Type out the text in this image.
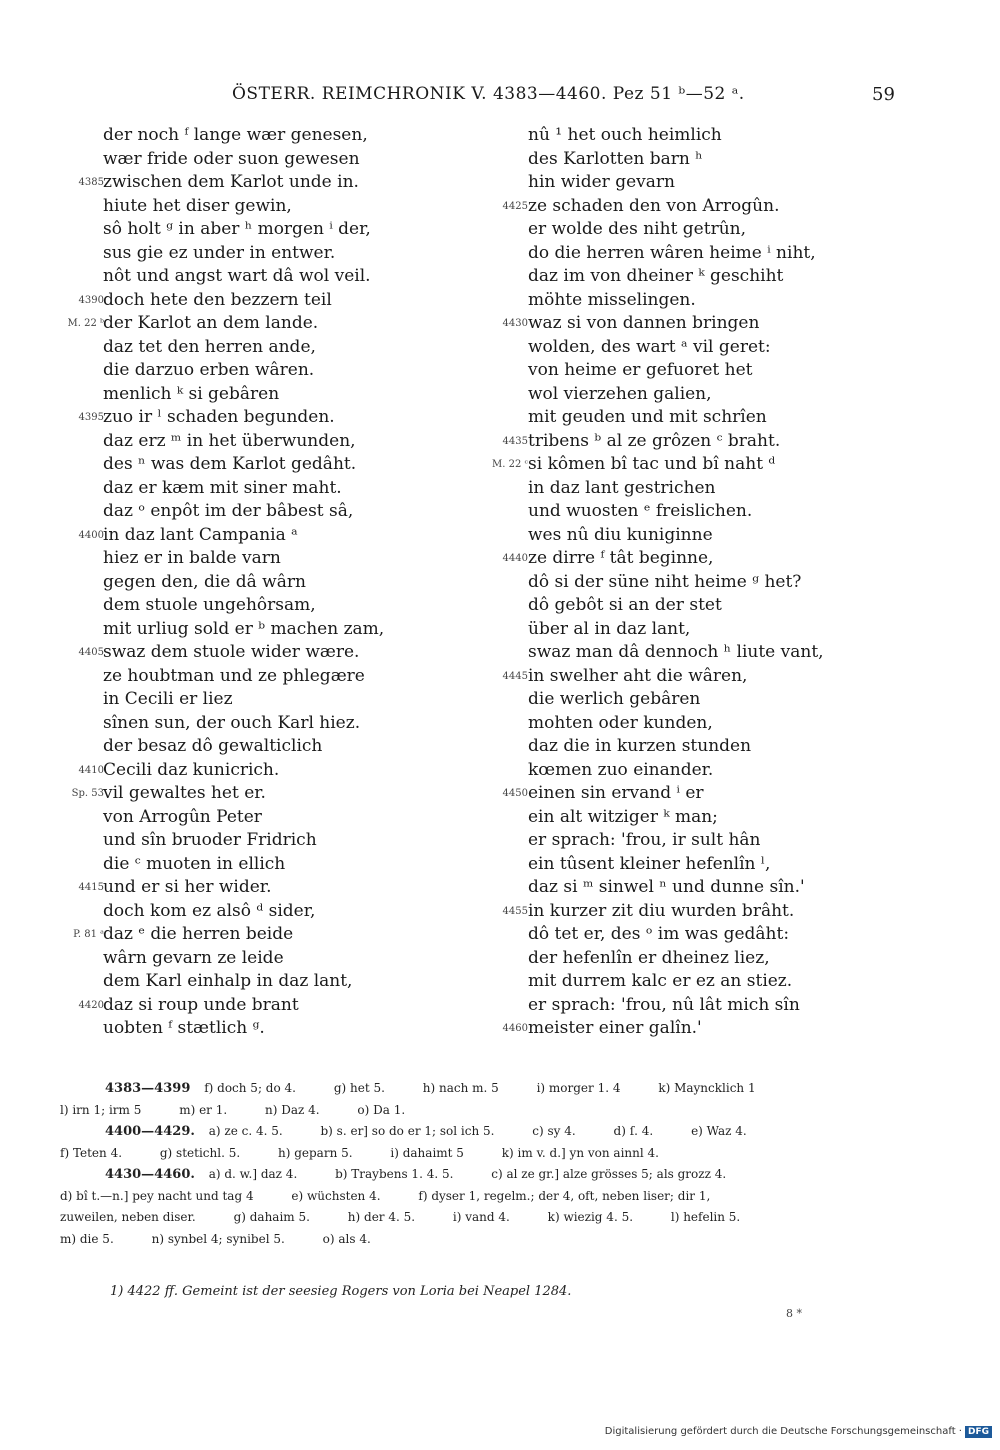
ÖSTERR. REIMCHRONIK V. 4383—4460. Pez 51 ᵇ—52 ᵃ.	59
der noch ᶠ lange wær genesen,
wær fride oder suon gewesen
4385 zwischen dem Karlot unde in.
hiute het diser gewin,
sô holt ᵍ in aber ʰ morgen ⁱ der,
sus gie ez under in entwer.
nôt und angst wart dâ wol veil.
4390 doch hete den bezzern teil
M. 22 ᵇ der Karlot an dem lande.
daz tet den herren ande,
die darzuo erben wâren.
menlich ᵏ si gebâren
4395 zuo ir ˡ schaden begunden.
daz erz ᵐ in het überwunden,
des ⁿ was dem Karlot gedâht.
daz er kæm mit siner maht.
daz ᵒ enpôt im der bâbest sâ,
4400 in daz lant Campania ᵃ
hiez er in balde varn
gegen den, die dâ wârn
dem stuole ungehôrsam,
mit urliug sold er ᵇ machen zam,
4405 swaz dem stuole wider wære.
ze houbtman und ze phlegære
in Cecili er liez
sînen sun, der ouch Karl hiez.
der besaz dô gewalticlich
4410 Cecili daz kunicrich.
Sp. 53 vil gewaltes het er.
von Arrogûn Peter
und sîn bruoder Fridrich
die ᶜ muoten in ellich
4415 und er si her wider.
doch kom ez alsô ᵈ sider,
P. 81 ᵃ daz ᵉ die herren beide
wârn gevarn ze leide
dem Karl einhalp in daz lant,
4420 daz si roup unde brant
uobten ᶠ stætlich ᵍ.
nû ¹ het ouch heimlich
des Karlotten barn ʰ
hin wider gevarn
4425 ze schaden den von Arrogûn.
er wolde des niht getrûn,
do die herren wâren heime ⁱ niht,
daz im von dheiner ᵏ geschiht
möhte misselingen.
4430 waz si von dannen bringen
wolden, des wart ᵃ vil geret:
von heime er gefuoret het
wol vierzehen galien,
mit geuden und mit schrîen
4435 tribens ᵇ al ze grôzen ᶜ braht.
M. 22 ᶜ si kômen bî tac und bî naht ᵈ
in daz lant gestrichen
und wuosten ᵉ freislichen.
wes nû diu kuniginne
4440 ze dirre ᶠ tât beginne,
dô si der süne niht heime ᵍ het?
dô gebôt si an der stet
über al in daz lant,
swaz man dâ dennoch ʰ liute vant,
4445 in swelher aht die wâren,
die werlich gebâren
mohten oder kunden,
daz die in kurzen stunden
kœmen zuo einander.
4450 einen sin ervand ⁱ er
ein alt witziger ᵏ man;
er sprach: 'frou, ir sult hân
ein tûsent kleiner hefenlîn ˡ,
daz si ᵐ sinwel ⁿ und dunne sîn.'
4455 in kurzer zit diu wurden brâht.
dô tet er, des ᵒ im was gedâht:
der hefenlîn er dheinez liez,
mit durrem kalc er ez an stiez.
er sprach: 'frou, nû lât mich sîn
4460 meister einer galîn.'
4383—4399 f) doch 5; do 4.	g) het 5.	h) nach m. 5	i) morger 1. 4	k) Mayncklich 1
l) irn 1; irm 5	m) er 1.	n) Daz 4.	o) Da 1.
4400—4429. a) ze c. 4. 5.	b) s. er] so do er 1; sol ich 5.	c) sy 4.	d) ſ. 4.	e) Waz 4.
f) Teten 4.	g) stetichl. 5.	h) geparn 5.	i) dahaimt 5	k) im v. d.] yn von ainnl 4.
4430—4460. a) d. w.] daz 4.	b) Traybens 1. 4. 5.	c) al ze gr.] alze grösses 5; als grozz 4.
d) bî t.—n.] pey nacht und tag 4	e) wüchsten 4.	f) dyser 1, regelm.; der 4, oft, neben liser; dir 1,
zuweilen, neben diser.	g) dahaim 5.	h) der 4. 5.	i) vand 4.	k) wiezig 4. 5.	l) hefelin 5.
m) die 5.	n) synbel 4; synibel 5.	o) als 4.
1) 4422 ff. Gemeint ist der seesieg Rogers von Loria bei Neapel 1284.
8 *
Digitalisierung gefördert durch die Deutsche Forschungsgemeinschaft · DFG
